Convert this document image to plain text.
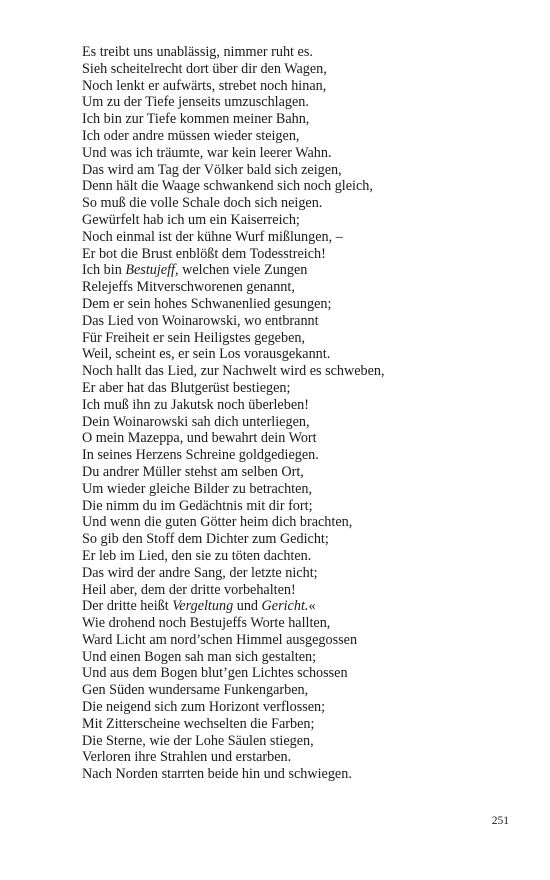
Es treibt uns unablässig, nimmer ruht es.

Sieh scheitelrecht dort über dir den Wagen,

Noch lenkt er aufwärts, strebet noch hinan,

Um zu der Tiefe jenseits umzuschlagen.

Ich bin zur Tiefe kommen meiner Bahn,

Ich oder andre müssen wieder steigen,

Und was ich träumte, war kein leerer Wahn.

Das wird am Tag der Völker bald sich zeigen,

Denn hält die Waage schwankend sich noch gleich,

So muß die volle Schale doch sich neigen.

Gewürfelt hab ich um ein Kaiserreich;

Noch einmal ist der kühne Wurf mißlungen, –

Er bot die Brust enblößt dem Todesstreich!

Ich bin Bestujeff, welchen viele Zungen

Relejeffs Mitverschworenen genannt,

Dem er sein hohes Schwanenlied gesungen;

Das Lied von Woinarowski, wo entbrannt

Für Freiheit er sein Heiligstes gegeben,

Weil, scheint es, er sein Los vorausgekannt.

Noch hallt das Lied, zur Nachwelt wird es schweben,

Er aber hat das Blutgerüst bestiegen;

Ich muß ihn zu Jakutsk noch überleben!

Dein Woinarowski sah dich unterliegen,

O mein Mazeppa, und bewahrt dein Wort

In seines Herzens Schreine goldgediegen.

Du andrer Müller stehst am selben Ort,

Um wieder gleiche Bilder zu betrachten,

Die nimm du im Gedächtnis mit dir fort;

Und wenn die guten Götter heim dich brachten,

So gib den Stoff dem Dichter zum Gedicht;

Er leb im Lied, den sie zu töten dachten.

Das wird der andre Sang, der letzte nicht;

Heil aber, dem der dritte vorbehalten!

Der dritte heißt Vergeltung und Gericht.«

Wie drohend noch Bestujeffs Worte hallten,

Ward Licht am nord’schen Himmel ausgegossen

Und einen Bogen sah man sich gestalten;

Und aus dem Bogen blut’gen Lichtes schossen

Gen Süden wundersame Funkengarben,

Die neigend sich zum Horizont verflossen;

Mit Zitterscheine wechselten die Farben;

Die Sterne, wie der Lohe Säulen stiegen,

Verloren ihre Strahlen und erstarben.

Nach Norden starrten beide hin und schwiegen.

251
